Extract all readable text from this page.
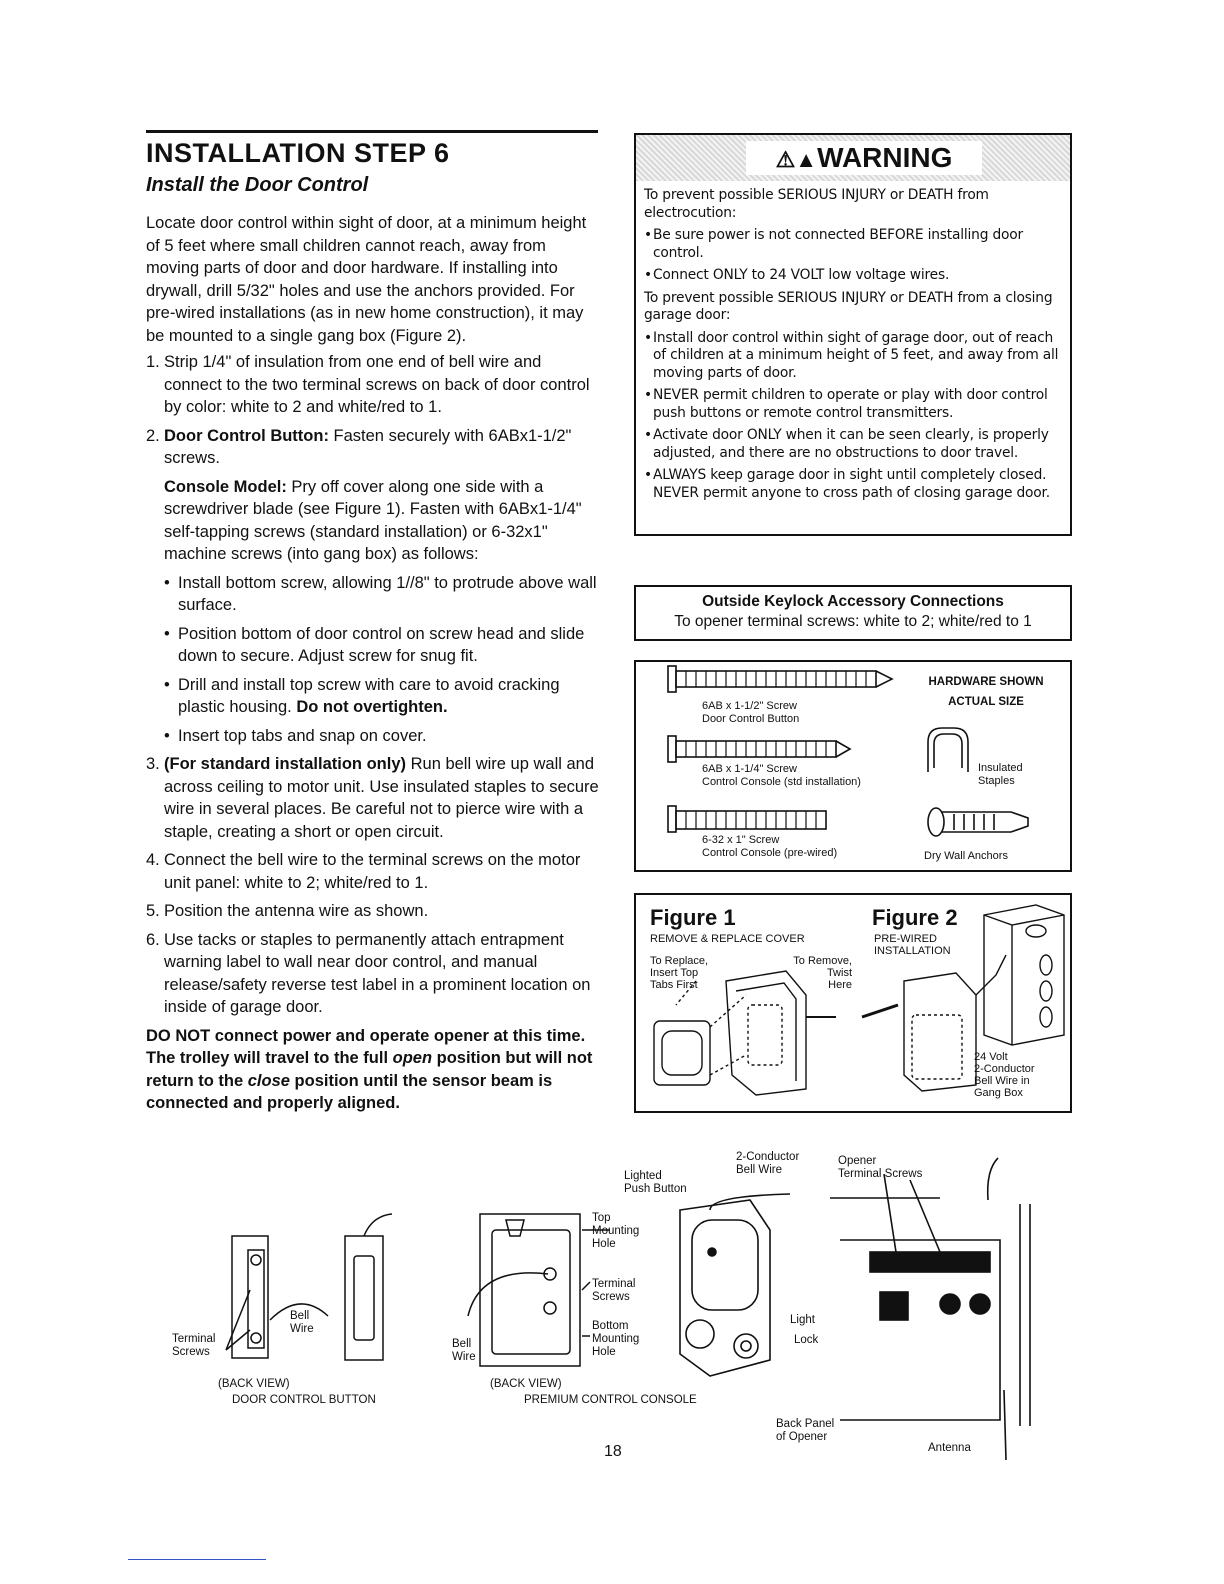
INSTALLATION STEP 6
Install the Door Control

Locate door control within sight of door, at a minimum height of 5 feet where small children cannot reach, away from moving parts of door and door hardware. If installing into drywall, drill 5/32" holes and use the anchors provided. For pre-wired installations (as in new home construction), it may be mounted to a single gang box (Figure 2).

1. Strip 1/4" of insulation from one end of bell wire and connect to the two terminal screws on back of door control by color: white to 2 and white/red to 1.
2. Door Control Button: Fasten securely with 6ABx1-1/2" screws.
Console Model: Pry off cover along one side with a screwdriver blade (see Figure 1). Fasten with 6ABx1-1/4" self-tapping screws (standard installation) or 6-32x1" machine screws (into gang box) as follows:
• Install bottom screw, allowing 1//8" to protrude above wall surface.
• Position bottom of door control on screw head and slide down to secure. Adjust screw for snug fit.
• Drill and install top screw with care to avoid cracking plastic housing. Do not overtighten.
• Insert top tabs and snap on cover.
3. (For standard installation only) Run bell wire up wall and across ceiling to motor unit. Use insulated staples to secure wire in several places. Be careful not to pierce wire with a staple, creating a short or open circuit.
4. Connect the bell wire to the terminal screws on the motor unit panel: white to 2; white/red to 1.
5. Position the antenna wire as shown.
6. Use tacks or staples to permanently attach entrapment warning label to wall near door control, and manual release/safety reverse test label in a prominent location on inside of garage door.
DO NOT connect power and operate opener at this time. The trolley will travel to the full open position but will not return to the close position until the sensor beam is connected and properly aligned.
⚠▲WARNING

To prevent possible SERIOUS INJURY or DEATH from electrocution:

• Be sure power is not connected BEFORE installing door control.
• Connect ONLY to 24 VOLT low voltage wires.

To prevent possible SERIOUS INJURY or DEATH from a closing garage door:

• Install door control within sight of garage door, out of reach of children at a minimum height of 5 feet, and away from all moving parts of door.
• NEVER permit children to operate or play with door control push buttons or remote control transmitters.
• Activate door ONLY when it can be seen clearly, is properly adjusted, and there are no obstructions to door travel.
• ALWAYS keep garage door in sight until completely closed. NEVER permit anyone to cross path of closing garage door.
Outside Keylock Accessory Connections
To opener terminal screws: white to 2; white/red to 1
HARDWARE SHOWN
ACTUAL SIZE
6AB x 1-1/2" Screw
Door Control Button
6AB x 1-1/4" Screw
Control Console (std installation)
6-32 x 1" Screw
Control Console (pre-wired)
Insulated
Staples
Dry Wall Anchors
Figure 1
REMOVE & REPLACE COVER
To Replace,
Insert Top
Tabs First
To Remove,
Twist
Here
Figure 2
PRE-WIRED
INSTALLATION
24 Volt
2-Conductor
Bell Wire in
Gang Box
Terminal
Screws
Bell
Wire
(BACK VIEW)
DOOR CONTROL BUTTON
Top
Mounting
Hole
Terminal
Screws
Bottom
Mounting
Hole
Bell
Wire
(BACK VIEW)
PREMIUM CONTROL CONSOLE
Lighted
Push Button
2-Conductor
Bell Wire
Opener
Terminal Screws
Light
Lock
Back Panel
of Opener
Antenna
18
